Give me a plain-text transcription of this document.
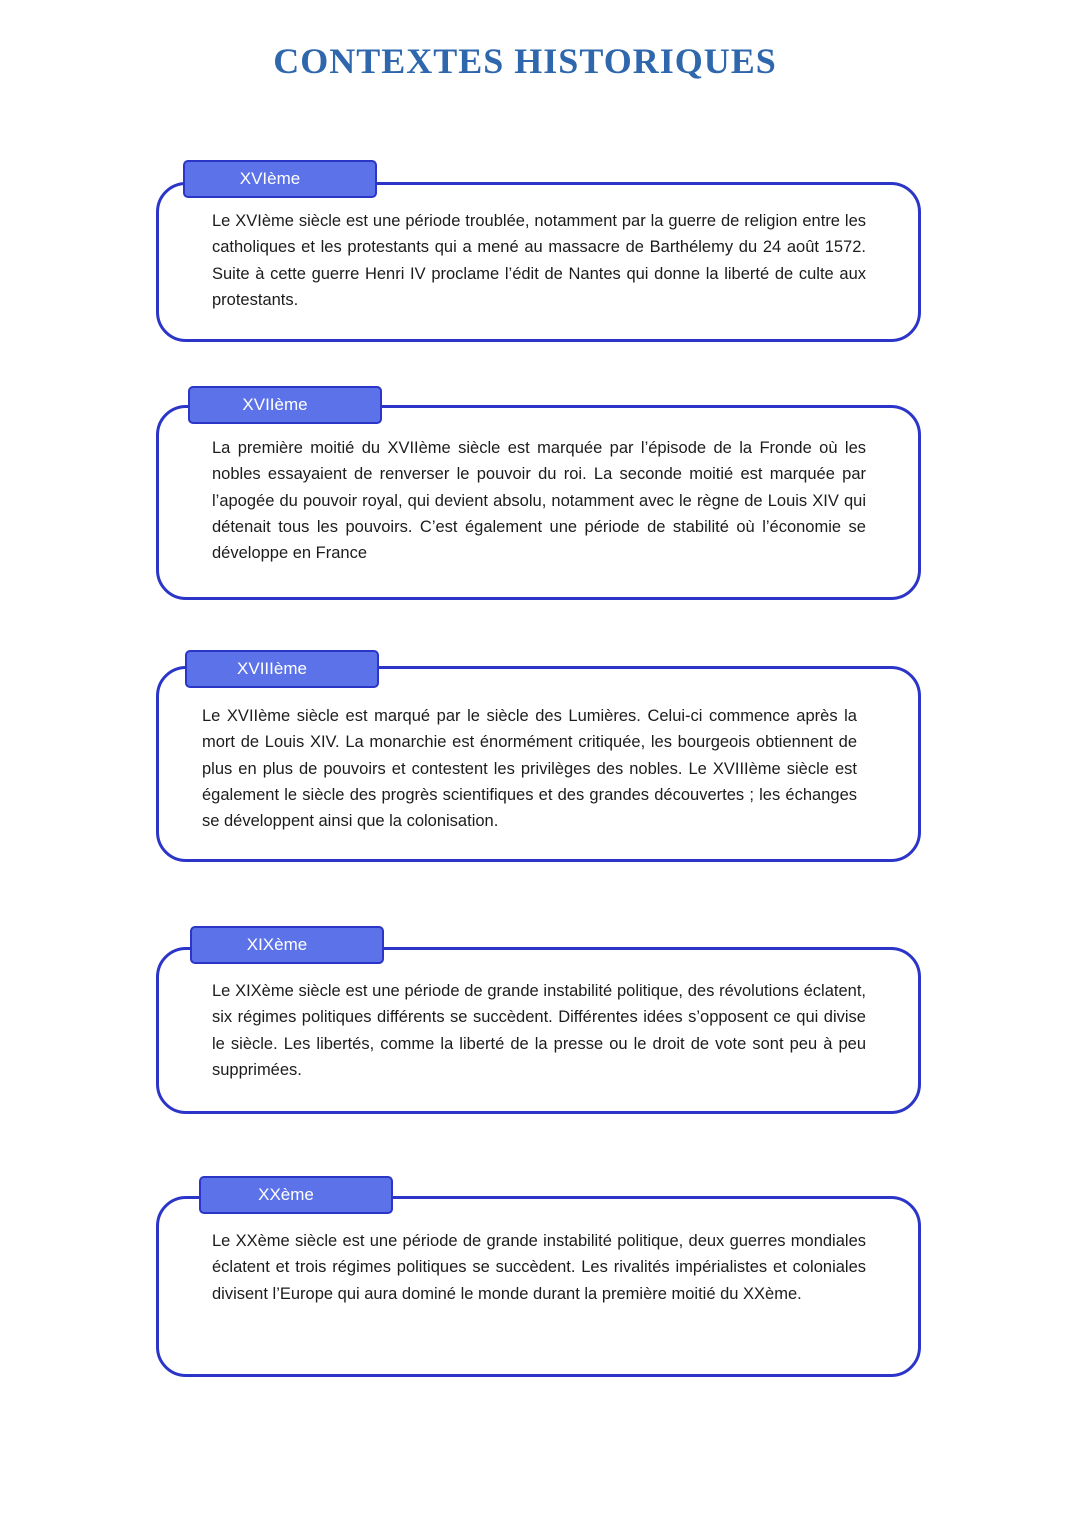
CONTEXTES HISTORIQUES
XVIème

Le XVIème siècle est une période troublée, notamment par la guerre de religion entre les catholiques et les protestants qui a mené au massacre de Barthélemy du 24 août 1572. Suite à cette guerre Henri IV proclame l’édit de Nantes qui donne la liberté de culte aux protestants.

XVIIème

La première moitié du XVIIème siècle est marquée par l’épisode de la Fronde où les nobles essayaient de renverser le pouvoir du roi. La seconde moitié est marquée par l’apogée du pouvoir royal, qui devient absolu, notamment avec le règne de Louis XIV qui détenait tous les pouvoirs. C’est également une période de stabilité où l’économie se développe en France

XVIIIème

Le XVIIème siècle est marqué par le siècle des Lumières. Celui-ci commence après la mort de Louis XIV. La monarchie est énormément critiquée, les bourgeois obtiennent de plus en plus de pouvoirs et contestent les privilèges des nobles. Le XVIIIème siècle est également le siècle des progrès scientifiques et des grandes découvertes ; les échanges se développent ainsi que la colonisation.

XIXème

Le XIXème siècle est une période de grande instabilité politique, des révolutions éclatent, six régimes politiques différents se succèdent. Différentes idées s’opposent ce qui divise le siècle. Les libertés, comme la liberté de la presse ou le droit de vote sont peu à peu supprimées.

XXème

Le XXème siècle est une période de grande instabilité politique, deux guerres mondiales éclatent et trois régimes politiques se succèdent. Les rivalités impérialistes et coloniales divisent l’Europe qui aura dominé le monde durant la première moitié du XXème.
